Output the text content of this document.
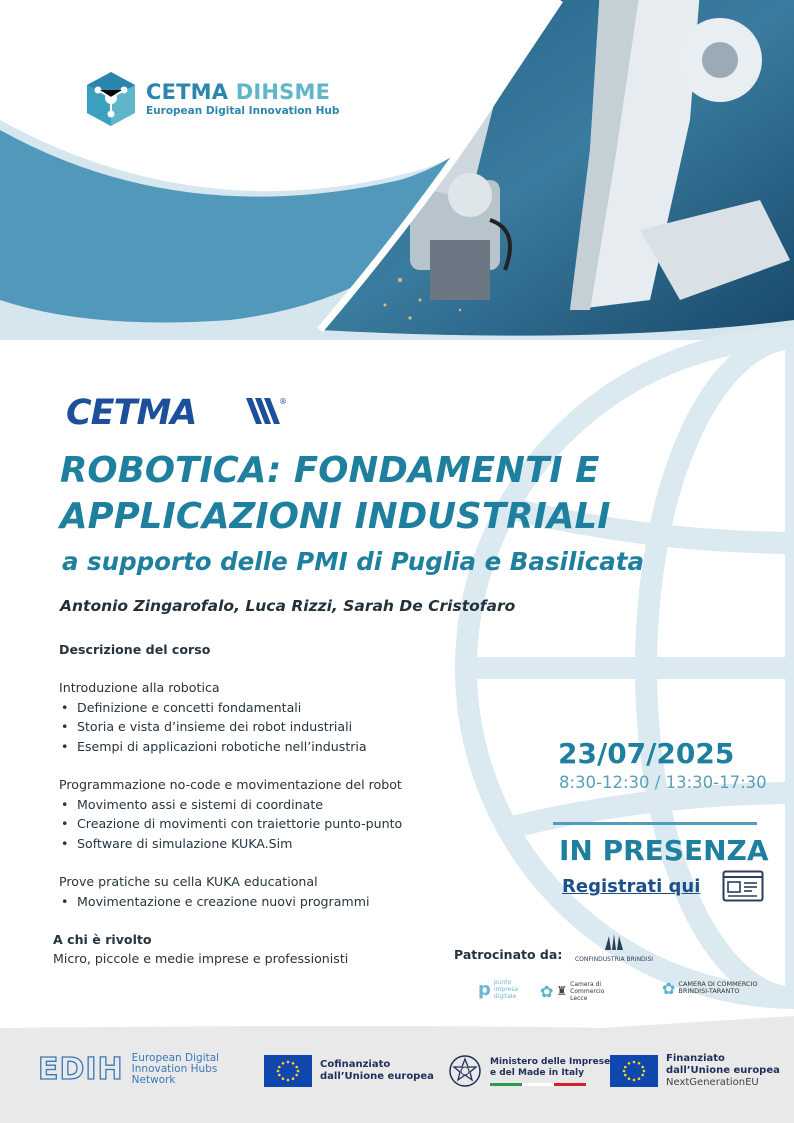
CETMA DIHSME
European Digital Innovation Hub
CETMA	®
ROBOTICA: FONDAMENTI E APPLICAZIONI INDUSTRIALI
a supporto delle PMI di Puglia e Basilicata
Antonio Zingarofalo, Luca Rizzi, Sarah De Cristofaro
Descrizione del corso
Introduzione alla robotica
• Definizione e concetti fondamentali
• Storia e vista d’insieme dei robot industriali
• Esempi di applicazioni robotiche nell’industria
Programmazione no-code e movimentazione del robot
• Movimento assi e sistemi di coordinate
• Creazione di movimenti con traiettorie punto-punto
• Software di simulazione KUKA.Sim
Prove pratiche su cella KUKA educational
• Movimentazione e creazione nuovi programmi
A chi è rivolto
Micro, piccole e medie imprese e professionisti
23/07/2025
8:30-12:30 / 13:30-17:30
IN PRESENZA
Registrati qui
Patrocinato da: CONFINDUSTRIA BRINDISI
p punto impresa digitale ✿ ♜ Camera di Commercio Lecce
✿ CAMERA DI COMMERCIO BRINDISI-TARANTO
EDIH European Digital Innovation Hubs Network
Cofinanziato
dall’Unione europea
Ministero delle Imprese
e del Made in Italy
Finanziato
dall’Unione europea
NextGenerationEU
